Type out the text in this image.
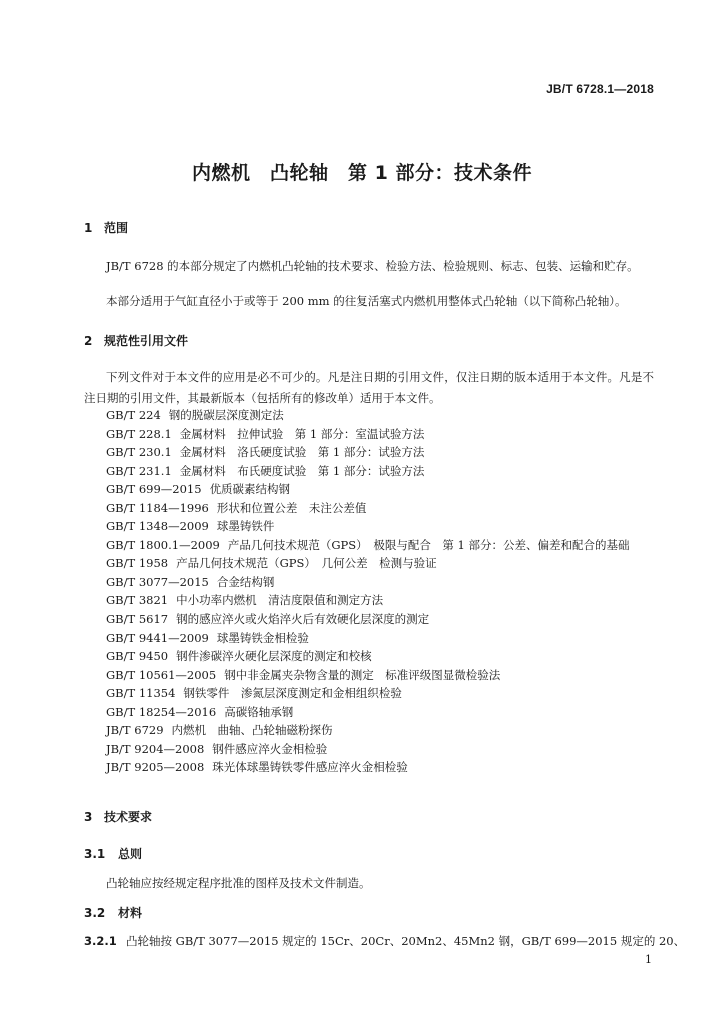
JB/T 6728.1—2018
内燃机　凸轮轴　第 1 部分：技术条件
1 范围
JB/T 6728 的本部分规定了内燃机凸轮轴的技术要求、检验方法、检验规则、标志、包装、运输和贮存。
本部分适用于气缸直径小于或等于 200 mm 的往复活塞式内燃机用整体式凸轮轴（以下简称凸轮轴）。
2 规范性引用文件
下列文件对于本文件的应用是必不可少的。凡是注日期的引用文件，仅注日期的版本适用于本文件。凡是不注日期的引用文件，其最新版本（包括所有的修改单）适用于本文件。
GB/T 224 钢的脱碳层深度测定法
GB/T 228.1 金属材料　拉伸试验　第 1 部分：室温试验方法
GB/T 230.1 金属材料　洛氏硬度试验　第 1 部分：试验方法
GB/T 231.1 金属材料　布氏硬度试验　第 1 部分：试验方法
GB/T 699—2015 优质碳素结构钢
GB/T 1184—1996 形状和位置公差　未注公差值
GB/T 1348—2009 球墨铸铁件
GB/T 1800.1—2009 产品几何技术规范（GPS）　极限与配合　第 1 部分：公差、偏差和配合的基础
GB/T 1958 产品几何技术规范（GPS）　几何公差　检测与验证
GB/T 3077—2015 合金结构钢
GB/T 3821 中小功率内燃机　清洁度限值和测定方法
GB/T 5617 钢的感应淬火或火焰淬火后有效硬化层深度的测定
GB/T 9441—2009 球墨铸铁金相检验
GB/T 9450 钢件渗碳淬火硬化层深度的测定和校核
GB/T 10561—2005 钢中非金属夹杂物含量的测定　标准评级图显微检验法
GB/T 11354 钢铁零件　渗氮层深度测定和金相组织检验
GB/T 18254—2016 高碳铬轴承钢
JB/T 6729 内燃机　曲轴、凸轮轴磁粉探伤
JB/T 9204—2008 钢件感应淬火金相检验
JB/T 9205—2008 珠光体球墨铸铁零件感应淬火金相检验
3 技术要求
3.1 总则
凸轮轴应按经规定程序批准的图样及技术文件制造。
3.2 材料
3.2.1 凸轮轴按 GB/T 3077—2015 规定的 15Cr、20Cr、20Mn2、45Mn2 钢，GB/T 699—2015 规定的 20、
1
